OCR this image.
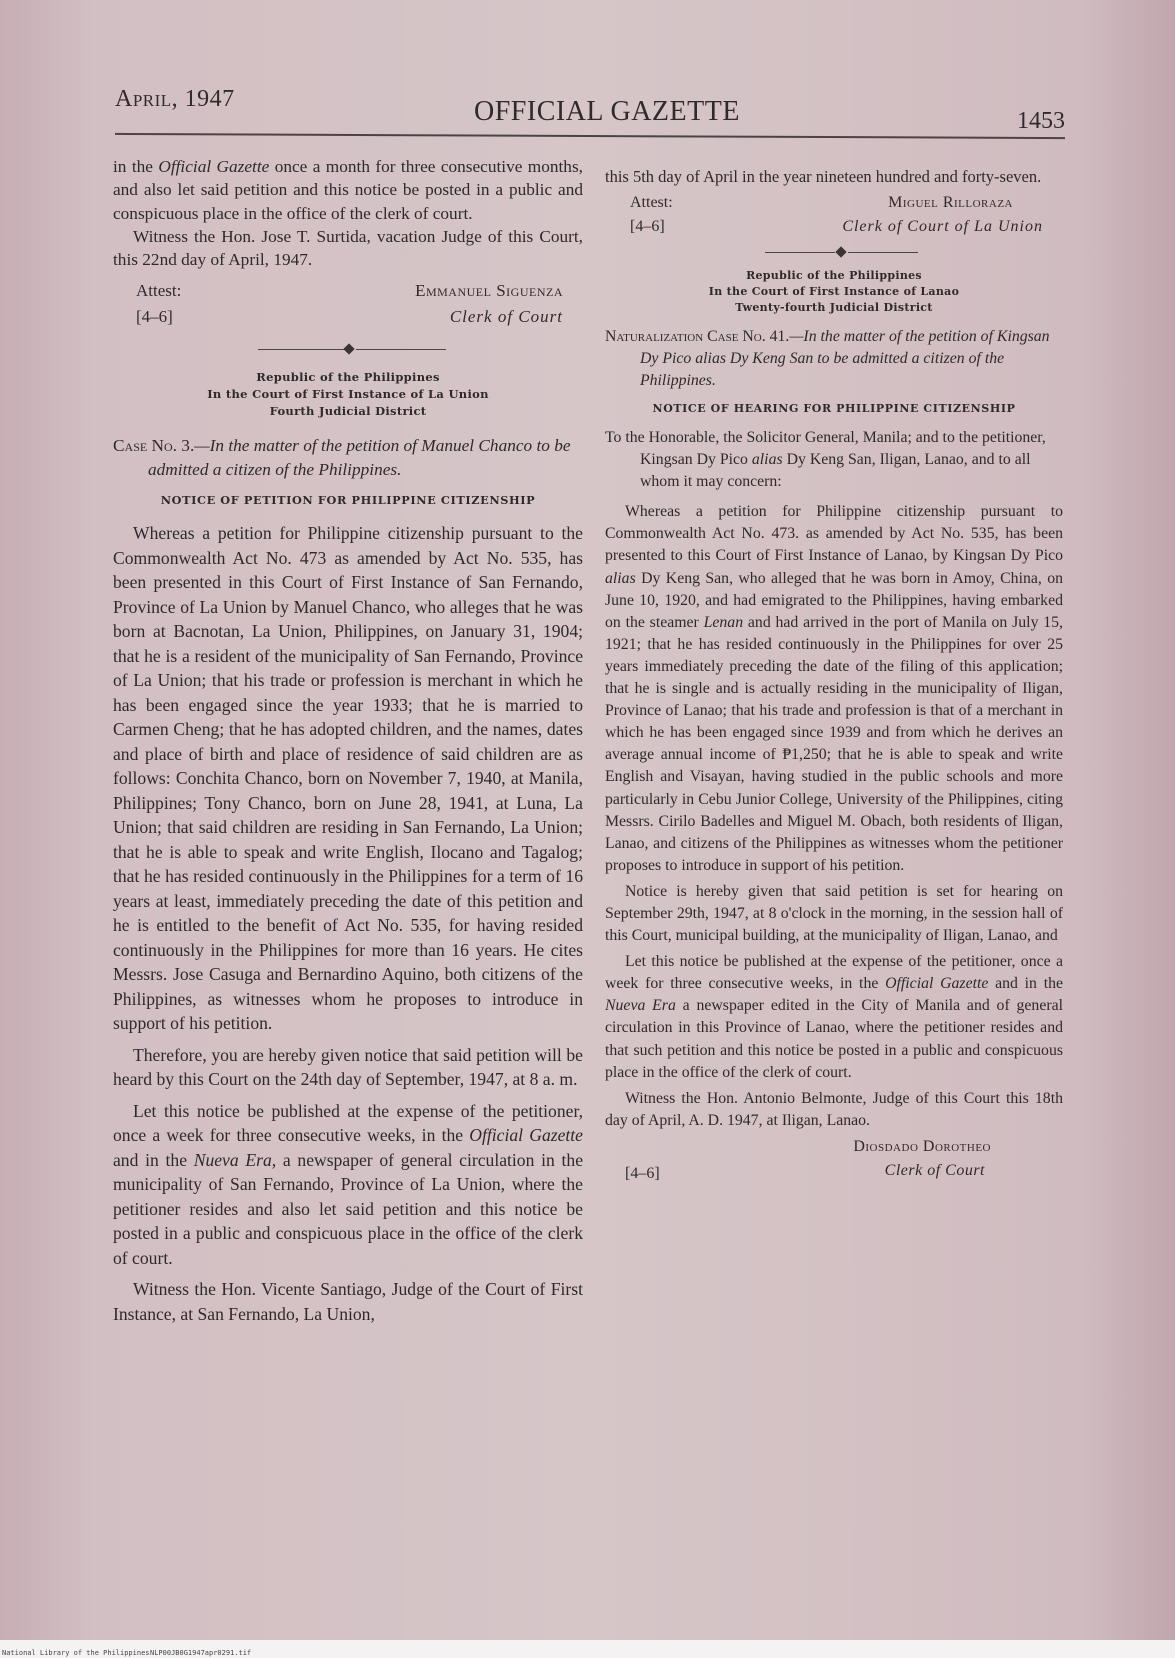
April, 1947	OFFICIAL GAZETTE	1453

in the Official Gazette once a month for three consecutive months, and also let said petition and this notice be posted in a public and conspicuous place in the office of the clerk of court.

Witness the Hon. Jose T. Surtida, vacation Judge of this Court, this 22nd day of April, 1947.

Attest:
[4–6]
Emmanuel Siguenza
Clerk of Court
Republic of the Philippines
In the Court of First Instance of La Union
Fourth Judicial District

Case No. 3.—In the matter of the petition of Manuel Chanco to be admitted a citizen of the Philippines.

NOTICE OF PETITION FOR PHILIPPINE CITIZENSHIP

Whereas a petition for Philippine citizenship pursuant to the Commonwealth Act No. 473 as amended by Act No. 535, has been presented in this Court of First Instance of San Fernando, Province of La Union by Manuel Chanco, who alleges that he was born at Bacnotan, La Union, Philippines, on January 31, 1904; that he is a resident of the municipality of San Fernando, Province of La Union; that his trade or profession is merchant in which he has been engaged since the year 1933; that he is married to Carmen Cheng; that he has adopted children, and the names, dates and place of birth and place of residence of said children are as follows: Conchita Chanco, born on November 7, 1940, at Manila, Philippines; Tony Chanco, born on June 28, 1941, at Luna, La Union; that said children are residing in San Fernando, La Union; that he is able to speak and write English, Ilocano and Tagalog; that he has resided continuously in the Philippines for a term of 16 years at least, immediately preceding the date of this petition and he is entitled to the benefit of Act No. 535, for having resided continuously in the Philippines for more than 16 years. He cites Messrs. Jose Casuga and Bernardino Aquino, both citizens of the Philippines, as witnesses whom he proposes to introduce in support of his petition.

Therefore, you are hereby given notice that said petition will be heard by this Court on the 24th day of September, 1947, at 8 a. m.

Let this notice be published at the expense of the petitioner, once a week for three consecutive weeks, in the Official Gazette and in the Nueva Era, a newspaper of general circulation in the municipality of San Fernando, Province of La Union, where the petitioner resides and also let said petition and this notice be posted in a public and conspicuous place in the office of the clerk of court.

Witness the Hon. Vicente Santiago, Judge of the Court of First Instance, at San Fernando, La Union,

this 5th day of April in the year nineteen hundred and forty-seven.

Attest:
[4–6]
Miguel Rilloraza
Clerk of Court of La Union
Republic of the Philippines
In the Court of First Instance of Lanao
Twenty-fourth Judicial District

Naturalization Case No. 41.—In the matter of the petition of Kingsan Dy Pico alias Dy Keng San to be admitted a citizen of the Philippines.

NOTICE OF HEARING FOR PHILIPPINE CITIZENSHIP

To the Honorable, the Solicitor General, Manila; and to the petitioner, Kingsan Dy Pico alias Dy Keng San, Iligan, Lanao, and to all whom it may concern:

Whereas a petition for Philippine citizenship pursuant to Commonwealth Act No. 473. as amended by Act No. 535, has been presented to this Court of First Instance of Lanao, by Kingsan Dy Pico alias Dy Keng San, who alleged that he was born in Amoy, China, on June 10, 1920, and had emigrated to the Philippines, having embarked on the steamer Lenan and had arrived in the port of Manila on July 15, 1921; that he has resided continuously in the Philippines for over 25 years immediately preceding the date of the filing of this application; that he is single and is actually residing in the municipality of Iligan, Province of Lanao; that his trade and profession is that of a merchant in which he has been engaged since 1939 and from which he derives an average annual income of ₱1,250; that he is able to speak and write English and Visayan, having studied in the public schools and more particularly in Cebu Junior College, University of the Philippines, citing Messrs. Cirilo Badelles and Miguel M. Obach, both residents of Iligan, Lanao, and citizens of the Philippines as witnesses whom the petitioner proposes to introduce in support of his petition.

Notice is hereby given that said petition is set for hearing on September 29th, 1947, at 8 o'clock in the morning, in the session hall of this Court, municipal building, at the municipality of Iligan, Lanao, and

Let this notice be published at the expense of the petitioner, once a week for three consecutive weeks, in the Official Gazette and in the Nueva Era a newspaper edited in the City of Manila and of general circulation in this Province of Lanao, where the petitioner resides and that such petition and this notice be posted in a public and conspicuous place in the office of the clerk of court.

Witness the Hon. Antonio Belmonte, Judge of this Court this 18th day of April, A. D. 1947, at Iligan, Lanao.

Diosdado Dorotheo
Clerk of Court
[4–6]
National Library of the Philippines NLP00JB0G1947apr0291.tif
